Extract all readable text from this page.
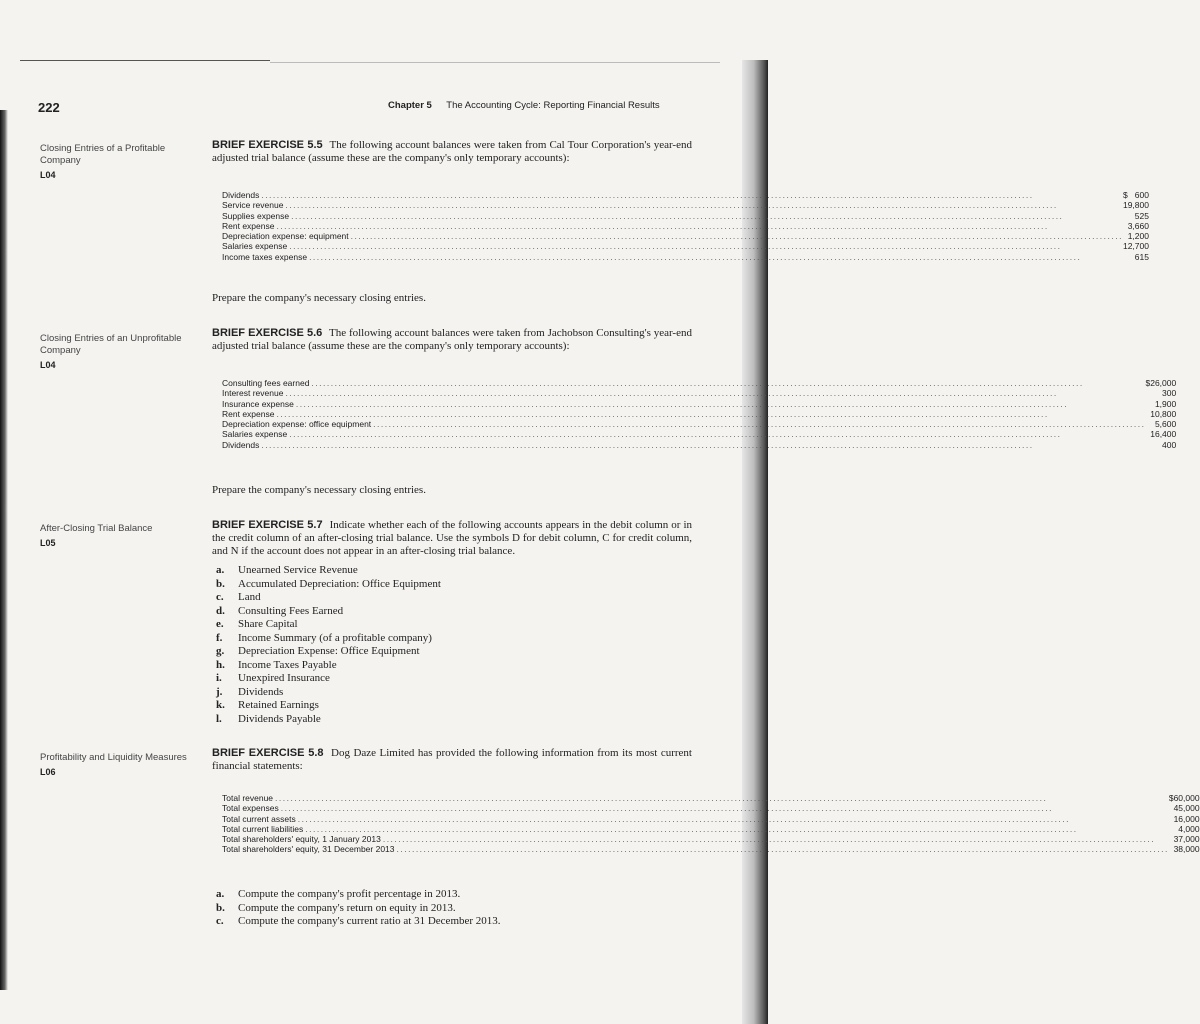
222	Chapter 5 The Accounting Cycle: Reporting Financial Results
Closing Entries of a Profitable Company
L04
BRIEF EXERCISE 5.5 The following account balances were taken from Cal Tour Corporation's year-end adjusted trial balance (assume these are the company's only temporary accounts):
Dividends ........................................................................................................................................................................................................	$   600

Service revenue ........................................................................................................................................................................................................	19,800

Supplies expense ........................................................................................................................................................................................................	525

Rent expense ........................................................................................................................................................................................................	3,660

Depreciation expense: equipment ........................................................................................................................................................................................................	1,200

Salaries expense ........................................................................................................................................................................................................	12,700

Income taxes expense ........................................................................................................................................................................................................	615
Prepare the company's necessary closing entries.
Closing Entries of an Unprofitable Company
L04
BRIEF EXERCISE 5.6 The following account balances were taken from Jachobson Consulting's year-end adjusted trial balance (assume these are the company's only temporary accounts):
Consulting fees earned ........................................................................................................................................................................................................	$26,000

Interest revenue ........................................................................................................................................................................................................	300

Insurance expense ........................................................................................................................................................................................................	1,900

Rent expense ........................................................................................................................................................................................................	10,800

Depreciation expense: office equipment ........................................................................................................................................................................................................	5,600

Salaries expense ........................................................................................................................................................................................................	16,400

Dividends ........................................................................................................................................................................................................	400
Prepare the company's necessary closing entries.
After-Closing Trial Balance
L05
BRIEF EXERCISE 5.7 Indicate whether each of the following accounts appears in the debit column or in the credit column of an after-closing trial balance. Use the symbols D for debit column, C for credit column, and N if the account does not appear in an after-closing trial balance.
a.	Unearned Service Revenue
b.	Accumulated Depreciation: Office Equipment
c.	Land
d.	Consulting Fees Earned
e.	Share Capital
f.	Income Summary (of a profitable company)
g.	Depreciation Expense: Office Equipment
h.	Income Taxes Payable
i.	Unexpired Insurance
j.	Dividends
k.	Retained Earnings
l.	Dividends Payable
Profitability and Liquidity Measures
L06
BRIEF EXERCISE 5.8 Dog Daze Limited has provided the following information from its most current financial statements:
Total revenue ........................................................................................................................................................................................................	$60,000

Total expenses ........................................................................................................................................................................................................	45,000

Total current assets ........................................................................................................................................................................................................	16,000

Total current liabilities ........................................................................................................................................................................................................	4,000

Total shareholders' equity, 1 January 2013 ........................................................................................................................................................................................................	37,000

Total shareholders' equity, 31 December 2013 ........................................................................................................................................................................................................	38,000
a.	Compute the company's profit percentage in 2013.
b.	Compute the company's return on equity in 2013.
c.	Compute the company's current ratio at 31 December 2013.
